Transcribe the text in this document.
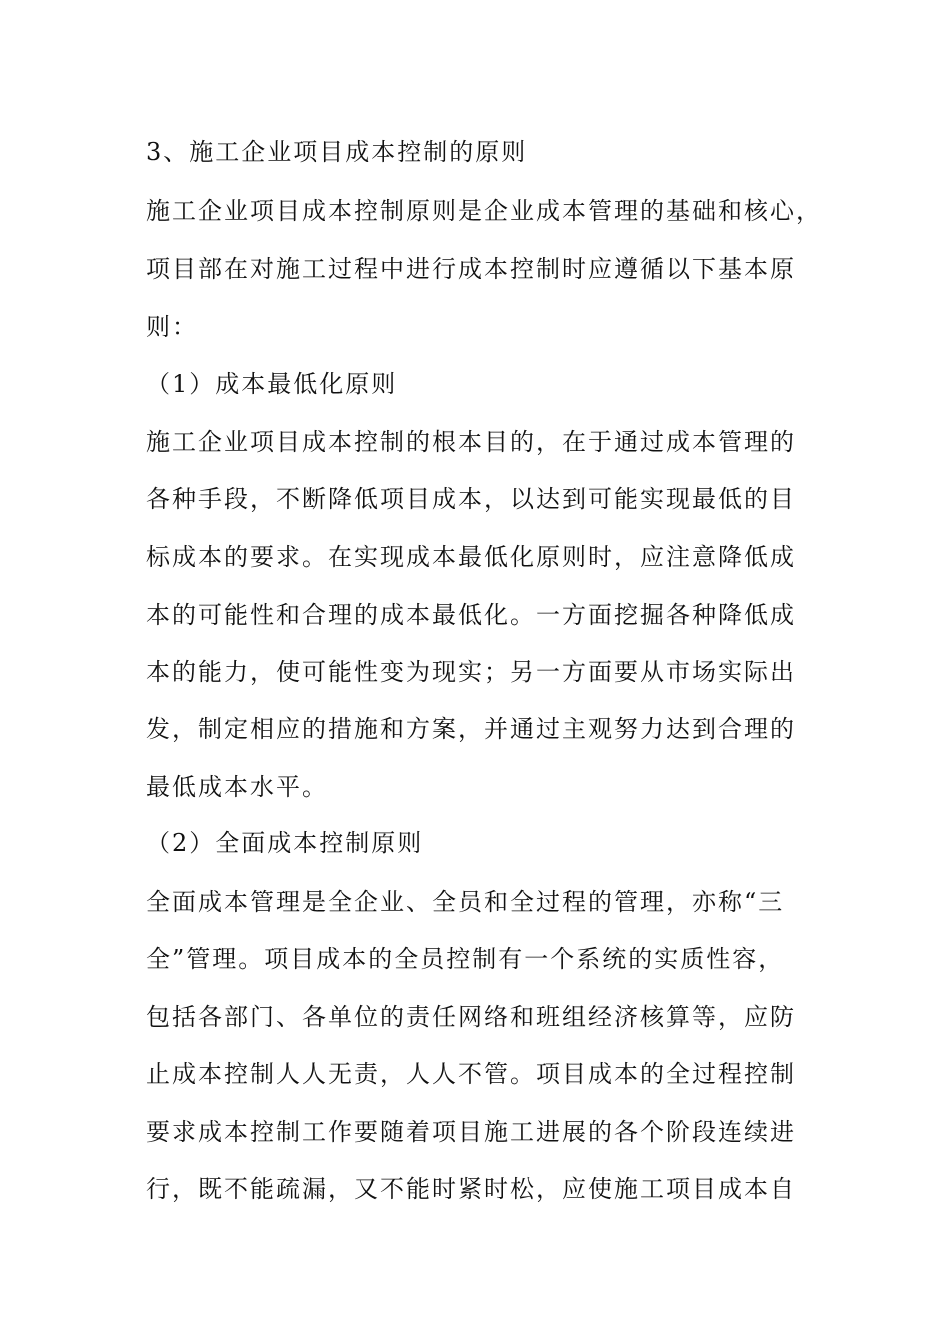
3、施工企业项目成本控制的原则
施工企业项目成本控制原则是企业成本管理的基础和核心，
项目部在对施工过程中进行成本控制时应遵循以下基本原
则：
（1）成本最低化原则
施工企业项目成本控制的根本目的，在于通过成本管理的
各种手段，不断降低项目成本，以达到可能实现最低的目
标成本的要求。在实现成本最低化原则时，应注意降低成
本的可能性和合理的成本最低化。一方面挖掘各种降低成
本的能力，使可能性变为现实；另一方面要从市场实际出
发，制定相应的措施和方案，并通过主观努力达到合理的
最低成本水平。
（2）全面成本控制原则
全面成本管理是全企业、全员和全过程的管理，亦称“三
全”管理。项目成本的全员控制有一个系统的实质性容，
包括各部门、各单位的责任网络和班组经济核算等，应防
止成本控制人人无责，人人不管。项目成本的全过程控制
要求成本控制工作要随着项目施工进展的各个阶段连续进
行，既不能疏漏，又不能时紧时松，应使施工项目成本自
